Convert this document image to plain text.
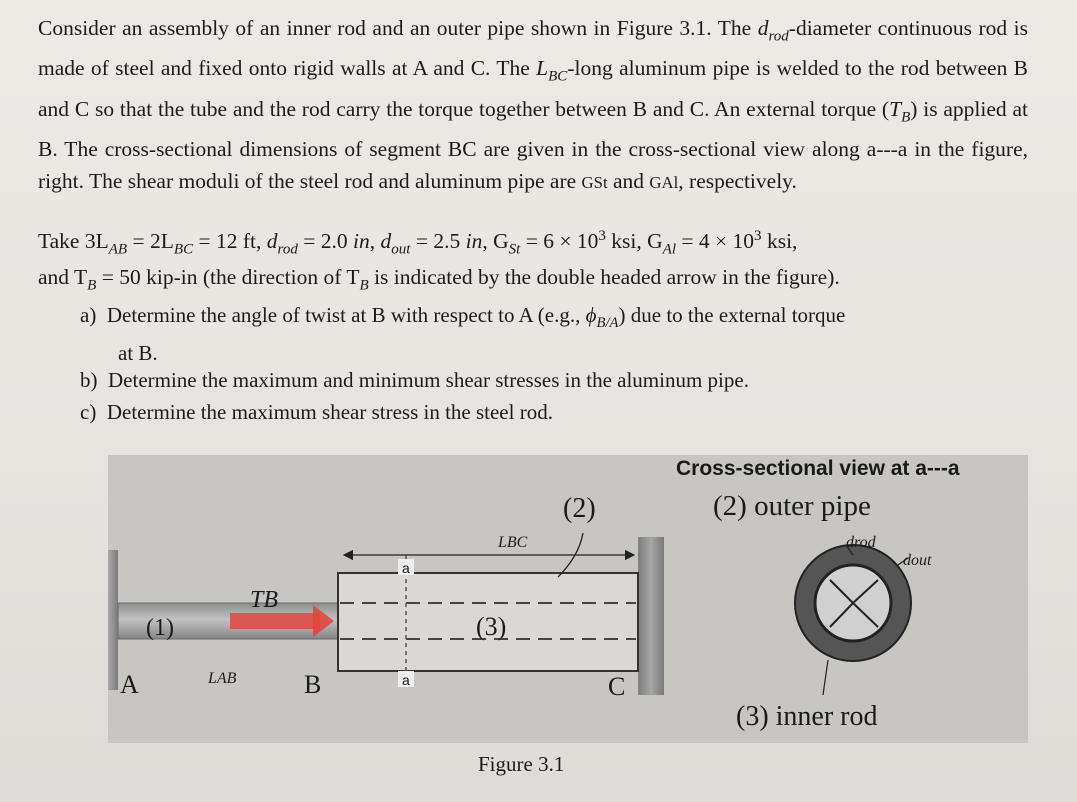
Consider an assembly of an inner rod and an outer pipe shown in Figure 3.1. The $d_{rod}$-diameter continuous rod is made of steel and fixed onto rigid walls at A and C. The $L_{BC}$-long aluminum pipe is welded to the rod between B and C so that the tube and the rod carry the torque together between B and C. An external torque $(T_B)$ is applied at B. The cross-sectional dimensions of segment BC are given in the cross-sectional view along a---a in the figure, right. The shear moduli of the steel rod and aluminum pipe are GSt and GAl, respectively.
Take $3L_{AB} = 2L_{BC} = 12$ ft, $d_{rod} = 2.0$ in, $d_{out} = 2.5$ in, $G_{St} = 6 \times 10^3$ ksi, $G_{Al} = 4 \times 10^3$ ksi,
and $T_B = 50$ kip-in (the direction of $T_B$ is indicated by the double headed arrow in the figure).
a) Determine the angle of twist at B with respect to A (e.g., $\phi_{B/A}$) due to the external torque
at B.
b) Determine the maximum and minimum shear stresses in the aluminum pipe.
c) Determine the maximum shear stress in the steel rod.
A
(1)
LAB
TB
B
a
a
LBC
(2)
(3)
C
Cross-sectional view at a---a
(2) outer pipe
drod
dout
(3) inner rod
Figure 3.1
